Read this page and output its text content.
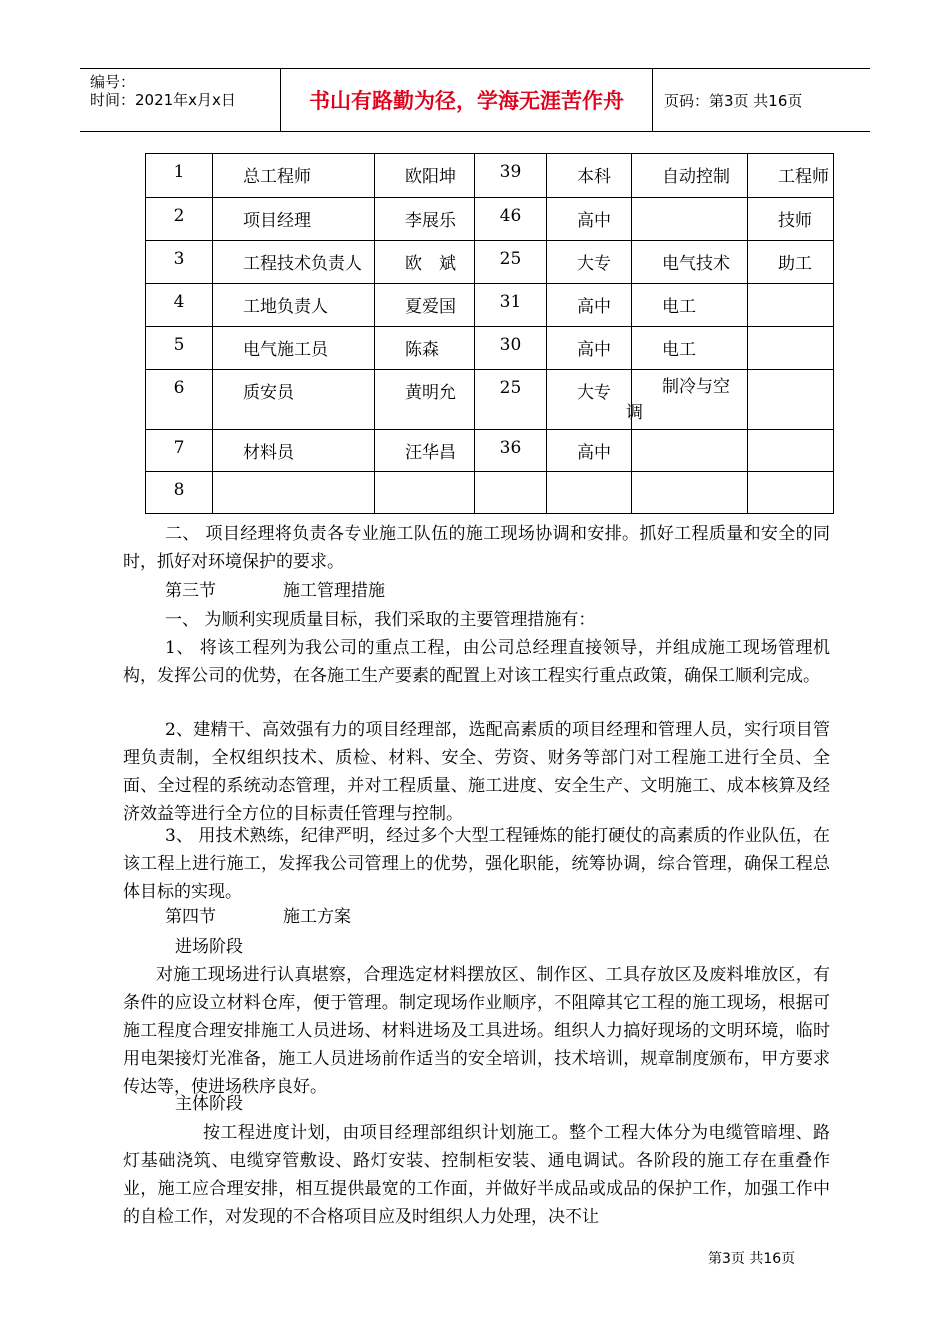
编号：
时间：2021年x月x日	书山有路勤为径，学海无涯苦作舟	页码：第3页 共16页
1	总工程师	欧阳坤	39	本科	自动控制	工程师
2	项目经理	李展乐	46	高中		技师
3	工程技术负责人	欧　斌	25	大专	电气技术	助工
4	工地负责人	夏爱国	31	高中	电工	
5	电气施工员	陈森	30	高中	电工	
6	质安员	黄明允	25	大专	制冷与空
调	

7	材料员	汪华昌	36	高中		
8						

二、 项目经理将负责各专业施工队伍的施工现场协调和安排。抓好工程质量和安全的同时，抓好对环境保护的要求。

第三节	施工管理措施

一、 为顺利实现质量目标，我们采取的主要管理措施有：

1、 将该工程列为我公司的重点工程，由公司总经理直接领导，并组成施工现场管理机构，发挥公司的优势，在各施工生产要素的配置上对该工程实行重点政策，确保工顺利完成。

2、建精干、高效强有力的项目经理部，选配高素质的项目经理和管理人员，实行项目管理负责制，全权组织技术、质检、材料、安全、劳资、财务等部门对工程施工进行全员、全面、全过程的系统动态管理，并对工程质量、施工进度、安全生产、文明施工、成本核算及经济效益等进行全方位的目标责任管理与控制。

3、 用技术熟练，纪律严明，经过多个大型工程锤炼的能打硬仗的高素质的作业队伍，在该工程上进行施工，发挥我公司管理上的优势，强化职能，统筹协调，综合管理，确保工程总体目标的实现。

第四节	施工方案
进场阶段

对施工现场进行认真堪察，合理选定材料摆放区、制作区、工具存放区及废料堆放区，有条件的应设立材料仓库，便于管理。制定现场作业顺序，不阻障其它工程的施工现场，根据可施工程度合理安排施工人员进场、材料进场及工具进场。组织人力搞好现场的文明环境，临时用电架接灯光准备，施工人员进场前作适当的安全培训，技术培训，规章制度颁布，甲方要求传达等，使进场秩序良好。

主体阶段

按工程进度计划，由项目经理部组织计划施工。整个工程大体分为电缆管暗埋、路灯基础浇筑、电缆穿管敷设、路灯安装、控制柜安装、通电调试。各阶段的施工存在重叠作业，施工应合理安排，相互提供最宽的工作面，并做好半成品或成品的保护工作，加强工作中的自检工作，对发现的不合格项目应及时组织人力处理，决不让

第3页 共16页
